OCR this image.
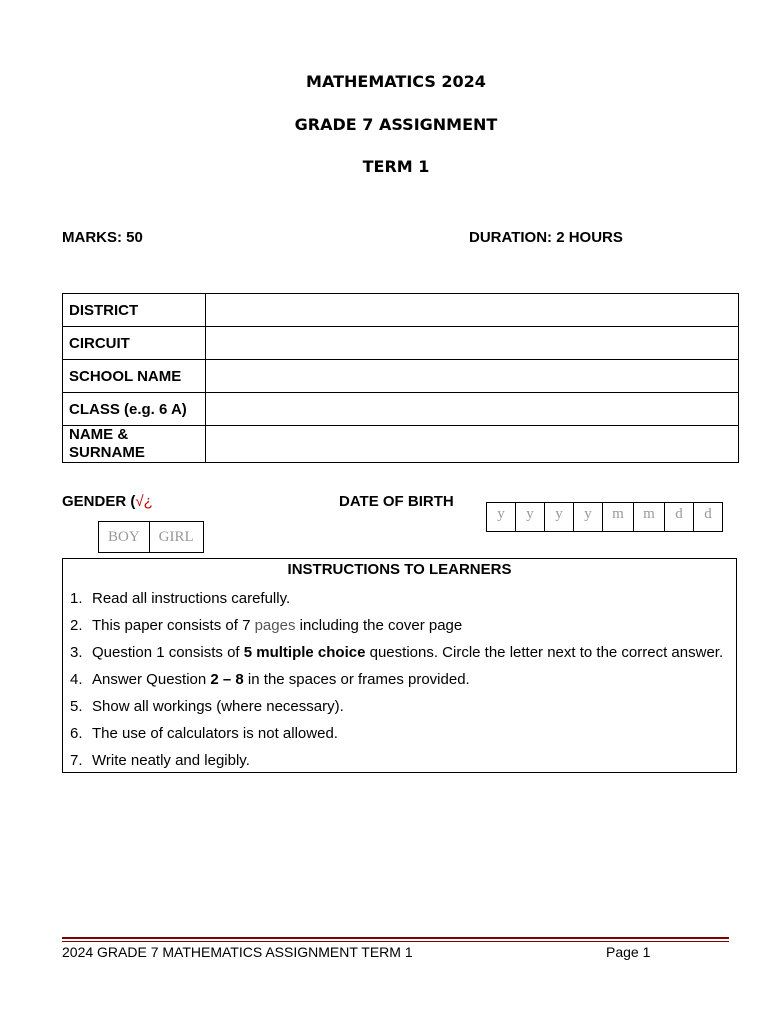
MATHEMATICS 2024
GRADE 7 ASSIGNMENT
TERM 1
MARKS: 50	DURATION: 2 HOURS
DISTRICT	
CIRCUIT	
SCHOOL NAME	
CLASS (e.g. 6 A)	
NAME & SURNAME	
GENDER (√¿	DATE OF BIRTH
BOY	GIRL
y	y	y	y	m	m	d	d
INSTRUCTIONS TO LEARNERS
1. Read all instructions carefully.
2. This paper consists of 7 pages including the cover page
3. Question 1 consists of 5 multiple choice questions. Circle the letter next to the correct answer.
4. Answer Question 2 – 8 in the spaces or frames provided.
5. Show all workings (where necessary).
6. The use of calculators is not allowed.
7. Write neatly and legibly.
2024 GRADE 7 MATHEMATICS ASSIGNMENT TERM 1	Page 1
